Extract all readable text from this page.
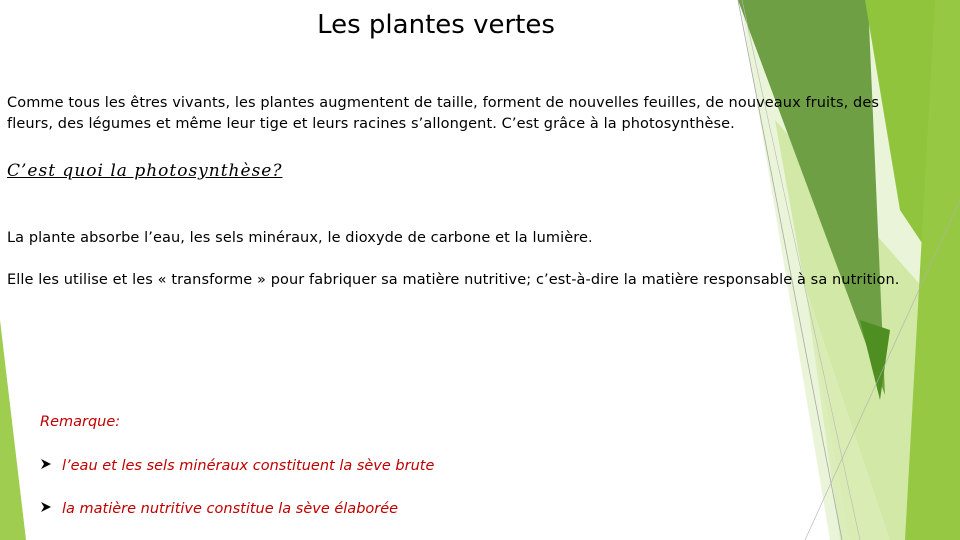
Les plantes vertes

Comme tous les êtres vivants, les plantes augmentent de taille, forment de nouvelles feuilles, de nouveaux fruits, des fleurs, des légumes et même leur tige et leurs racines s’allongent. C’est grâce à la photosynthèse.

C’est quoi la photosynthèse?

La plante absorbe l’eau, les sels minéraux, le dioxyde de carbone et la lumière.

Elle les utilise et les « transforme » pour fabriquer sa matière nutritive; c’est-à-dire la matière responsable à sa nutrition.

Remarque:

l’eau et les sels minéraux constituent la sève brute
la matière nutritive constitue la sève élaborée
